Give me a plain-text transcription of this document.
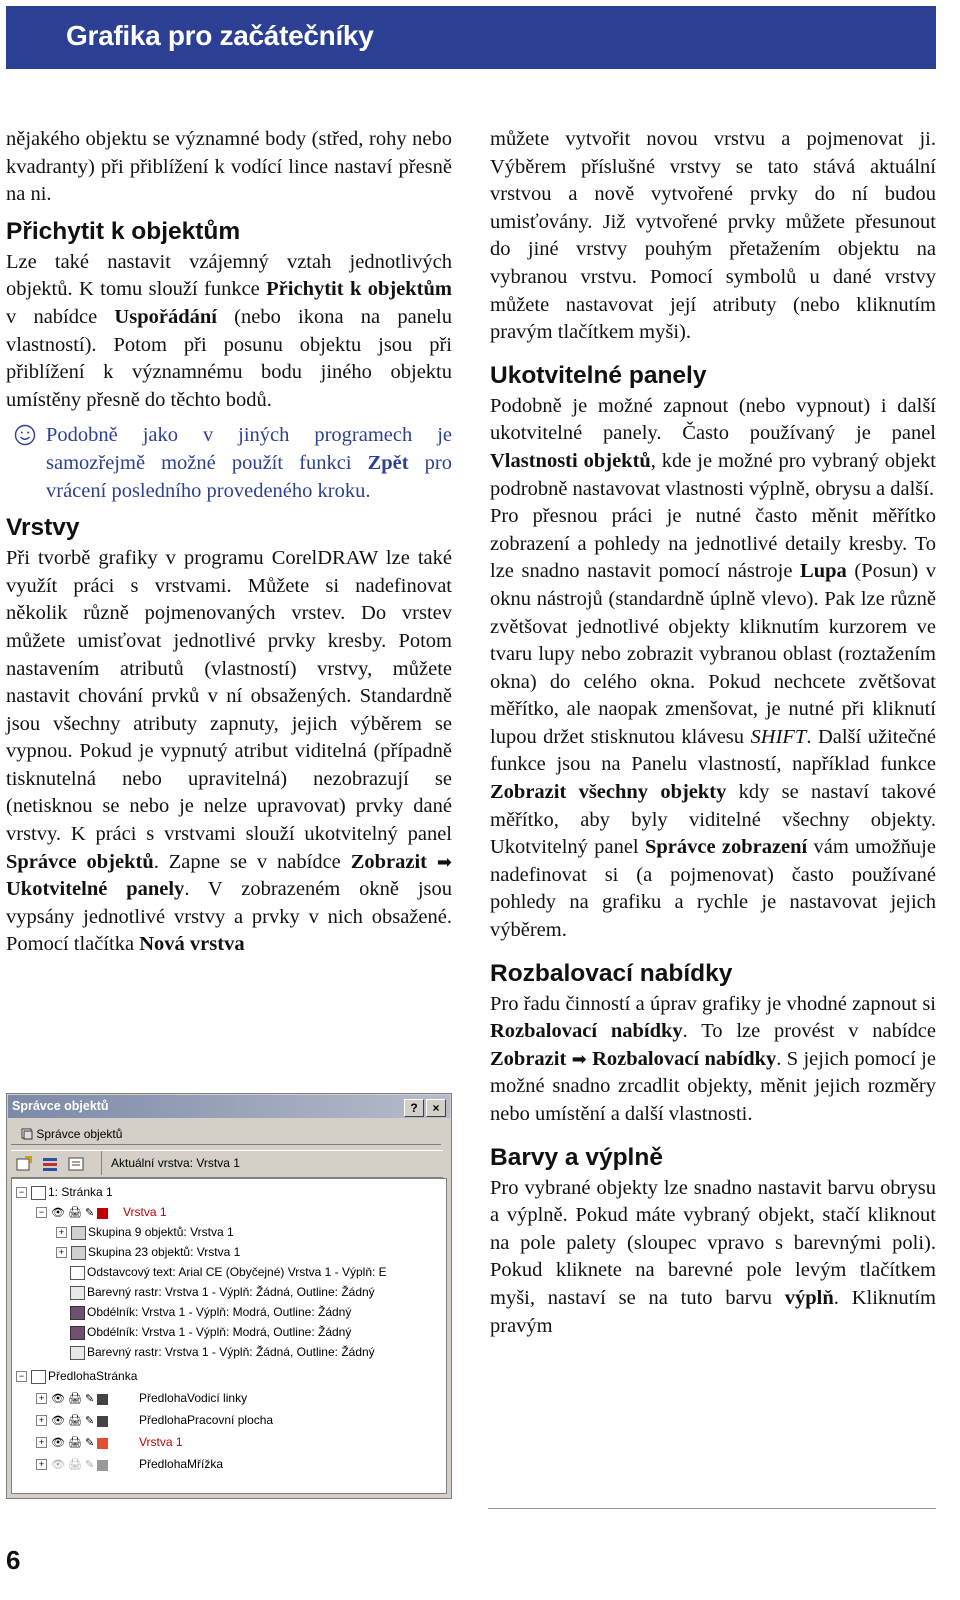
Grafika pro začátečníky

nějakého objektu se významné body (střed, rohy nebo kvadranty) při přiblížení k vodící lince nastaví přesně na ni.

Přichytit k objektům

Lze také nastavit vzájemný vztah jednotlivých objektů. K tomu slouží funkce Přichytit k objektům v nabídce Uspořádání (nebo ikona na panelu vlastností). Potom při posunu objektu jsou při přiblížení k významnému bodu jiného objektu umístěny přesně do těchto bodů.

Podobně jako v jiných programech je samozřejmě možné použít funkci Zpět pro vrácení posledního provedeného kroku.
Vrstvy

Při tvorbě grafiky v programu CorelDRAW lze také využít práci s vrstvami. Můžete si nadefinovat několik různě pojmenovaných vrstev. Do vrstev můžete umisťovat jednotlivé prvky kresby. Potom nastavením atributů (vlastností) vrstvy, můžete nastavit chování prvků v ní obsažených. Standardně jsou všechny atributy zapnuty, jejich výběrem se vypnou. Pokud je vypnutý atribut viditelná (případně tisknutelná nebo upravitelná) nezobrazují se (netisknou se nebo je nelze upravovat) prvky dané vrstvy. K práci s vrstvami slouží ukotvitelný panel Správce objektů. Zapne se v nabídce Zobrazit ➡ Ukotvitelné panely. V zobrazeném okně jsou vypsány jednotlivé vrstvy a prvky v nich obsažené. Pomocí tlačítka Nová vrstva

Správce objektů	?	×
Správce objektů
Aktuální vrstva: Vrstva 1
− 1: Stránka 1
− 👁 🖨 ✎ Vrstva 1
+ Skupina 9 objektů: Vrstva 1
+ Skupina 23 objektů: Vrstva 1
Odstavcový text: Arial CE (Obyčejné) Vrstva 1 - Výplň: E
Barevný rastr: Vrstva 1 - Výplň: Žádná, Outline: Žádný
Obdélník: Vrstva 1 - Výplň: Modrá, Outline: Žádný
Obdélník: Vrstva 1 - Výplň: Modrá, Outline: Žádný
Barevný rastr: Vrstva 1 - Výplň: Žádná, Outline: Žádný
− PředlohaStránka
+ 👁 🖨 ✎	PředlohaVodicí linky
+ 👁 🖨 ✎	PředlohaPracovní plocha
+ 👁 🖨 ✎	Vrstva 1
+ 👁 🖨 ✎	PředlohaMřížka

můžete vytvořit novou vrstvu a pojmenovat ji. Výběrem příslušné vrstvy se tato stává aktuální vrstvou a nově vytvořené prvky do ní budou umisťovány. Již vytvořené prvky můžete přesunout do jiné vrstvy pouhým přetažením objektu na vybranou vrstvu. Pomocí symbolů u dané vrstvy můžete nastavovat její atributy (nebo kliknutím pravým tlačítkem myši).

Ukotvitelné panely

Podobně je možné zapnout (nebo vypnout) i další ukotvitelné panely. Často používaný je panel Vlastnosti objektů, kde je možné pro vybraný objekt podrobně nastavovat vlastnosti výplně, obrysu a další.

Pro přesnou práci je nutné často měnit měřítko zobrazení a pohledy na jednotlivé detaily kresby. To lze snadno nastavit pomocí nástroje Lupa (Posun) v oknu nástrojů (standardně úplně vlevo). Pak lze různě zvětšovat jednotlivé objekty kliknutím kurzorem ve tvaru lupy nebo zobrazit vybranou oblast (roztažením okna) do celého okna. Pokud nechcete zvětšovat měřítko, ale naopak zmenšovat, je nutné při kliknutí lupou držet stisknutou klávesu SHIFT. Další užitečné funkce jsou na Panelu vlastností, například funkce Zobrazit všechny objekty kdy se nastaví takové měřítko, aby byly viditelné všechny objekty. Ukotvitelný panel Správce zobrazení vám umožňuje nadefinovat si (a pojmenovat) často používané pohledy na grafiku a rychle je nastavovat jejich výběrem.

Rozbalovací nabídky

Pro řadu činností a úprav grafiky je vhodné zapnout si Rozbalovací nabídky. To lze provést v nabídce Zobrazit ➡ Rozbalovací nabídky. S jejich pomocí je možné snadno zrcadlit objekty, měnit jejich rozměry nebo umístění a další vlastnosti.

Barvy a výplně

Pro vybrané objekty lze snadno nastavit barvu obrysu a výplně. Pokud máte vybraný objekt, stačí kliknout na pole palety (sloupec vpravo s barevnými poli). Pokud kliknete na barevné pole levým tlačítkem myši, nastaví se na tuto barvu výplň. Kliknutím pravým

6
